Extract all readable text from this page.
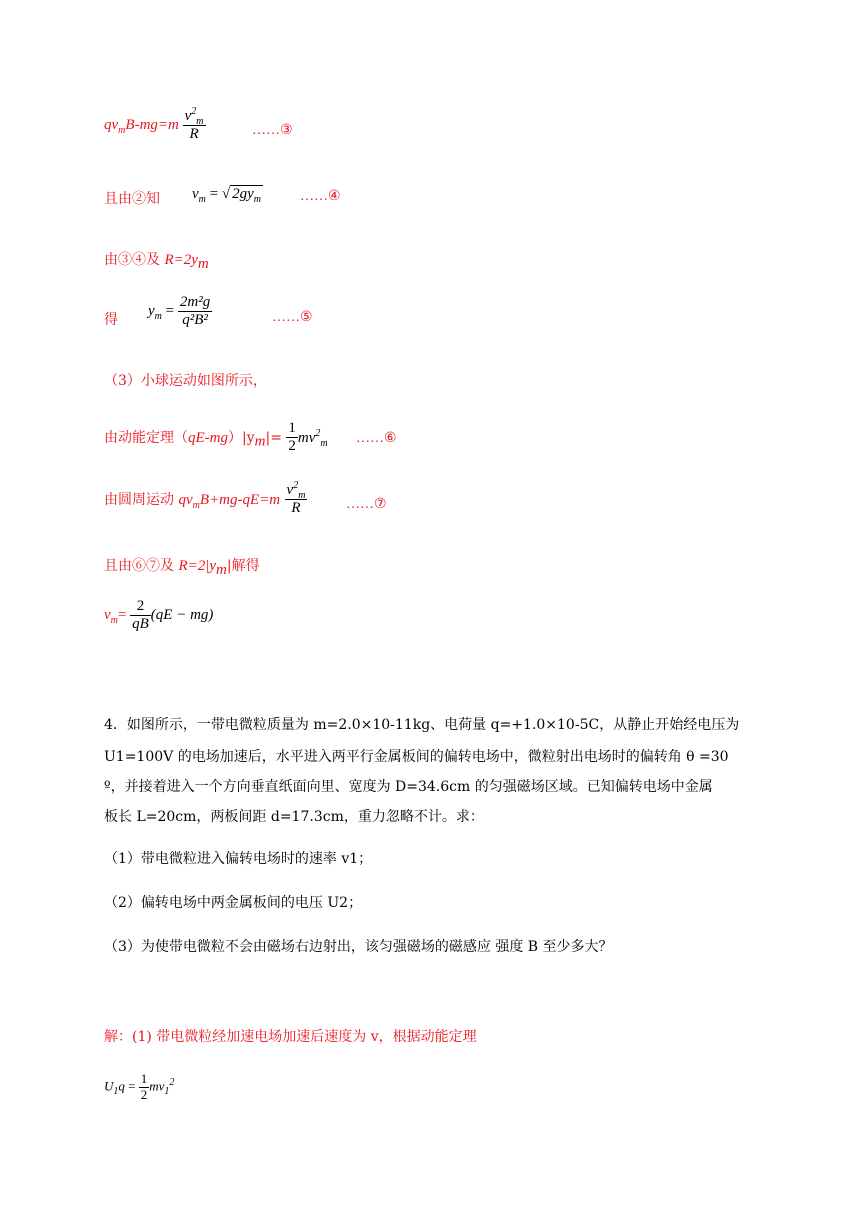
$qv_mB-mg=m \frac{v^2_m}{R}$	……③
且由②知 $v_m$ = √ $2gy_m$	……④
由③④及 $R=2y_m$
得
$y_m = \frac{\text{2m²g}}{\text{q²B²}}$	……⑤
（3）小球运动如图所示，
由动能定理$(qE-mg)|y_m|= \frac{1}{2} mv^2_m$ ……⑥
由圆周运动 $qv_mB+mg-qE=m \frac{v^2_m}{R}$	……⑦
且由⑥⑦及 $R=2|y_m|$解得
$v_m= \frac{2}{qB} (qE - mg)$
4．如图所示，一带电微粒质量为 m=2.0×10-11kg、电荷量 q=+1.0×10-5C，从静止开始经电压为
U1=100V 的电场加速后，水平进入两平行金属板间的偏转电场中，微粒射出电场时的偏转角 θ =30
º，并接着进入一个方向垂直纸面向里、宽度为 D=34.6cm 的匀强磁场区域。已知偏转电场中金属
板长 L=20cm，两板间距 d=17.3cm，重力忽略不计。求：
（1）带电微粒进入偏转电场时的速率 v1；
（2）偏转电场中两金属板间的电压 U2；
（3）为使带电微粒不会由磁场右边射出，该匀强磁场的磁感应 强度 B 至少多大？
解：(1) 带电微粒经加速电场加速后速度为 v，根据动能定理
$U_1q = \frac{1}{2} mv_1^2$
